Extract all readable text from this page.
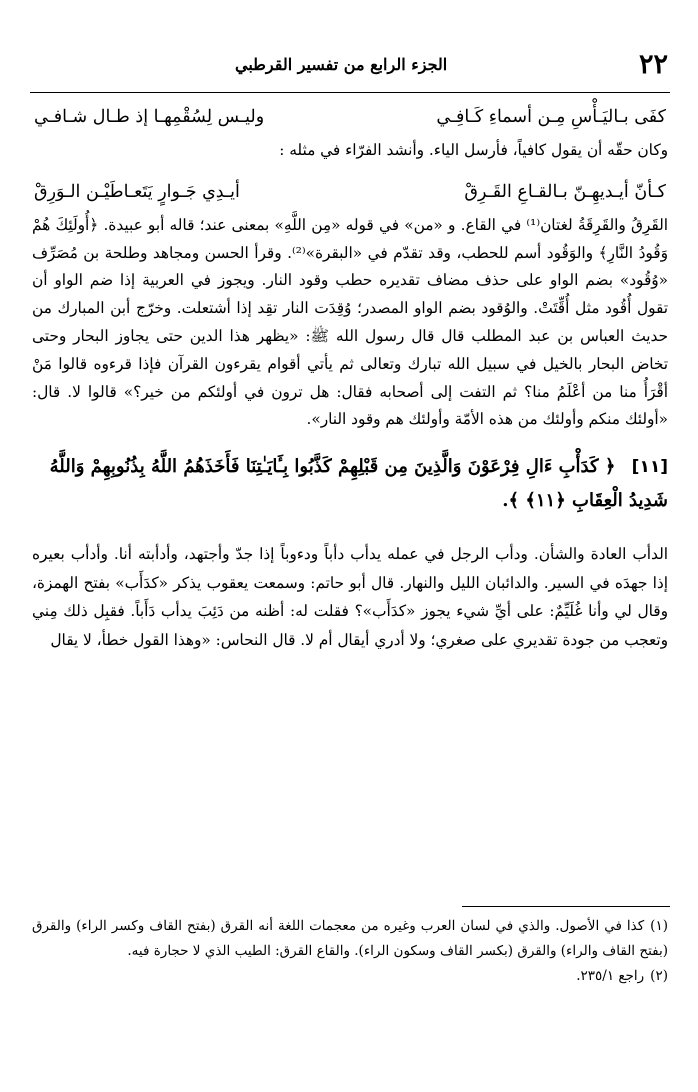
٢٢
الجزء الرابع من تفسير القرطبي
كفَى بـاليَـأْسِ مِـن أسماءِ كَـافِـي
وليـس لِسُقْمِهـا إذ طـال شـافـي

وكان حقّه أن يقول كافياً، فأرسل الياء. وأنشد الفرّاء في مثله :

كـأنّ أيـديهِـنّ بـالقـاعِ القَـرِقْ
أيـدِي جَـوارٍ يَتَعـاطَيْـن الـوَرِقْ

القَرِقُ والقَرِقَةُ لغتان⁽¹⁾ في القاع. و «من» في قوله «مِن اللَّهِ» بمعنى عند؛ قاله أبو عبيدة. ﴿أُولَئِكَ هُمْ وَقُودُ النَّارِ﴾ والوَقُود أسم للحطب، وقد تقدّم في «البقرة»⁽²⁾. وقرأ الحسن ومجاهد وطلحة بن مُصَرِّف «وُقُود» بضم الواو على حذف مضاف تقديره حطب وقود النار. ويجوز في العربية إذا ضم الواو أن تقول أُقُود مثل أُقِّتَتْ. والوُقود بضم الواو المصدر؛ وُقِدَت النار تقِد إذا أشتعلت. وخرّج أبن المبارك من حديث العباس بن عبد المطلب قال قال رسول الله ﷺ: «يظهر هذا الدين حتى يجاوز البحار وحتى تخاض البحار بالخيل في سبيل الله تبارك وتعالى ثم يأتي أقوام يقرءون القرآن فإذا قرءوه قالوا مَنْ أقْرَأُ منا من أعْلَمُ منا؟ ثم التفت إلى أصحابه فقال: هل ترون في أولئكم من خير؟» قالوا لا. قال: «أولئك منكم وأولئك من هذه الأمّة وأولئك هم وقود النار».

[١١] ﴿ كَدَأْبِ ءَالِ فِرْعَوْنَ وَالَّذِينَ مِن قَبْلِهِمْ كَذَّبُوا بِـَٔايَـٰتِنَا فَأَخَذَهُمُ اللَّهُ بِذُنُوبِهِمْ وَاللَّهُ شَدِيدُ الْعِقَابِ ﴿١١﴾ ﴾.

الدأب العادة والشأن. ودأب الرجل في عمله يدأب دأباً ودءوباً إذا جدّ وأجتهد، وأدأبته أنا. وأدأب بعيره إذا جهدَه في السير. والدائبان الليل والنهار. قال أبو حاتم: وسمعت يعقوب يذكر «كدَأَب» بفتح الهمزة، وقال لي وأنا غُلَيِّمٌ: على أيِّ شيء يجوز «كدَأَب»؟ فقلت له: أظنه من دَئِبَ يدأب دَأَباً. فقبِل ذلك مِني وتعجب من جودة تقديري على صغري؛ ولا أدري أيقال أم لا. قال النحاس: «وهذا القول خطأ، لا يقال

(١)كذا في الأصول. والذي في لسان العرب وغيره من معجمات اللغة أنه القرق (بفتح القاف وكسر الراء) والقرق (بفتح القاف والراء) والقرق (بكسر القاف وسكون الراء). والقاع القرق: الطيب الذي لا حجارة فيه.

(٢)راجع ٢٣٥/١.
